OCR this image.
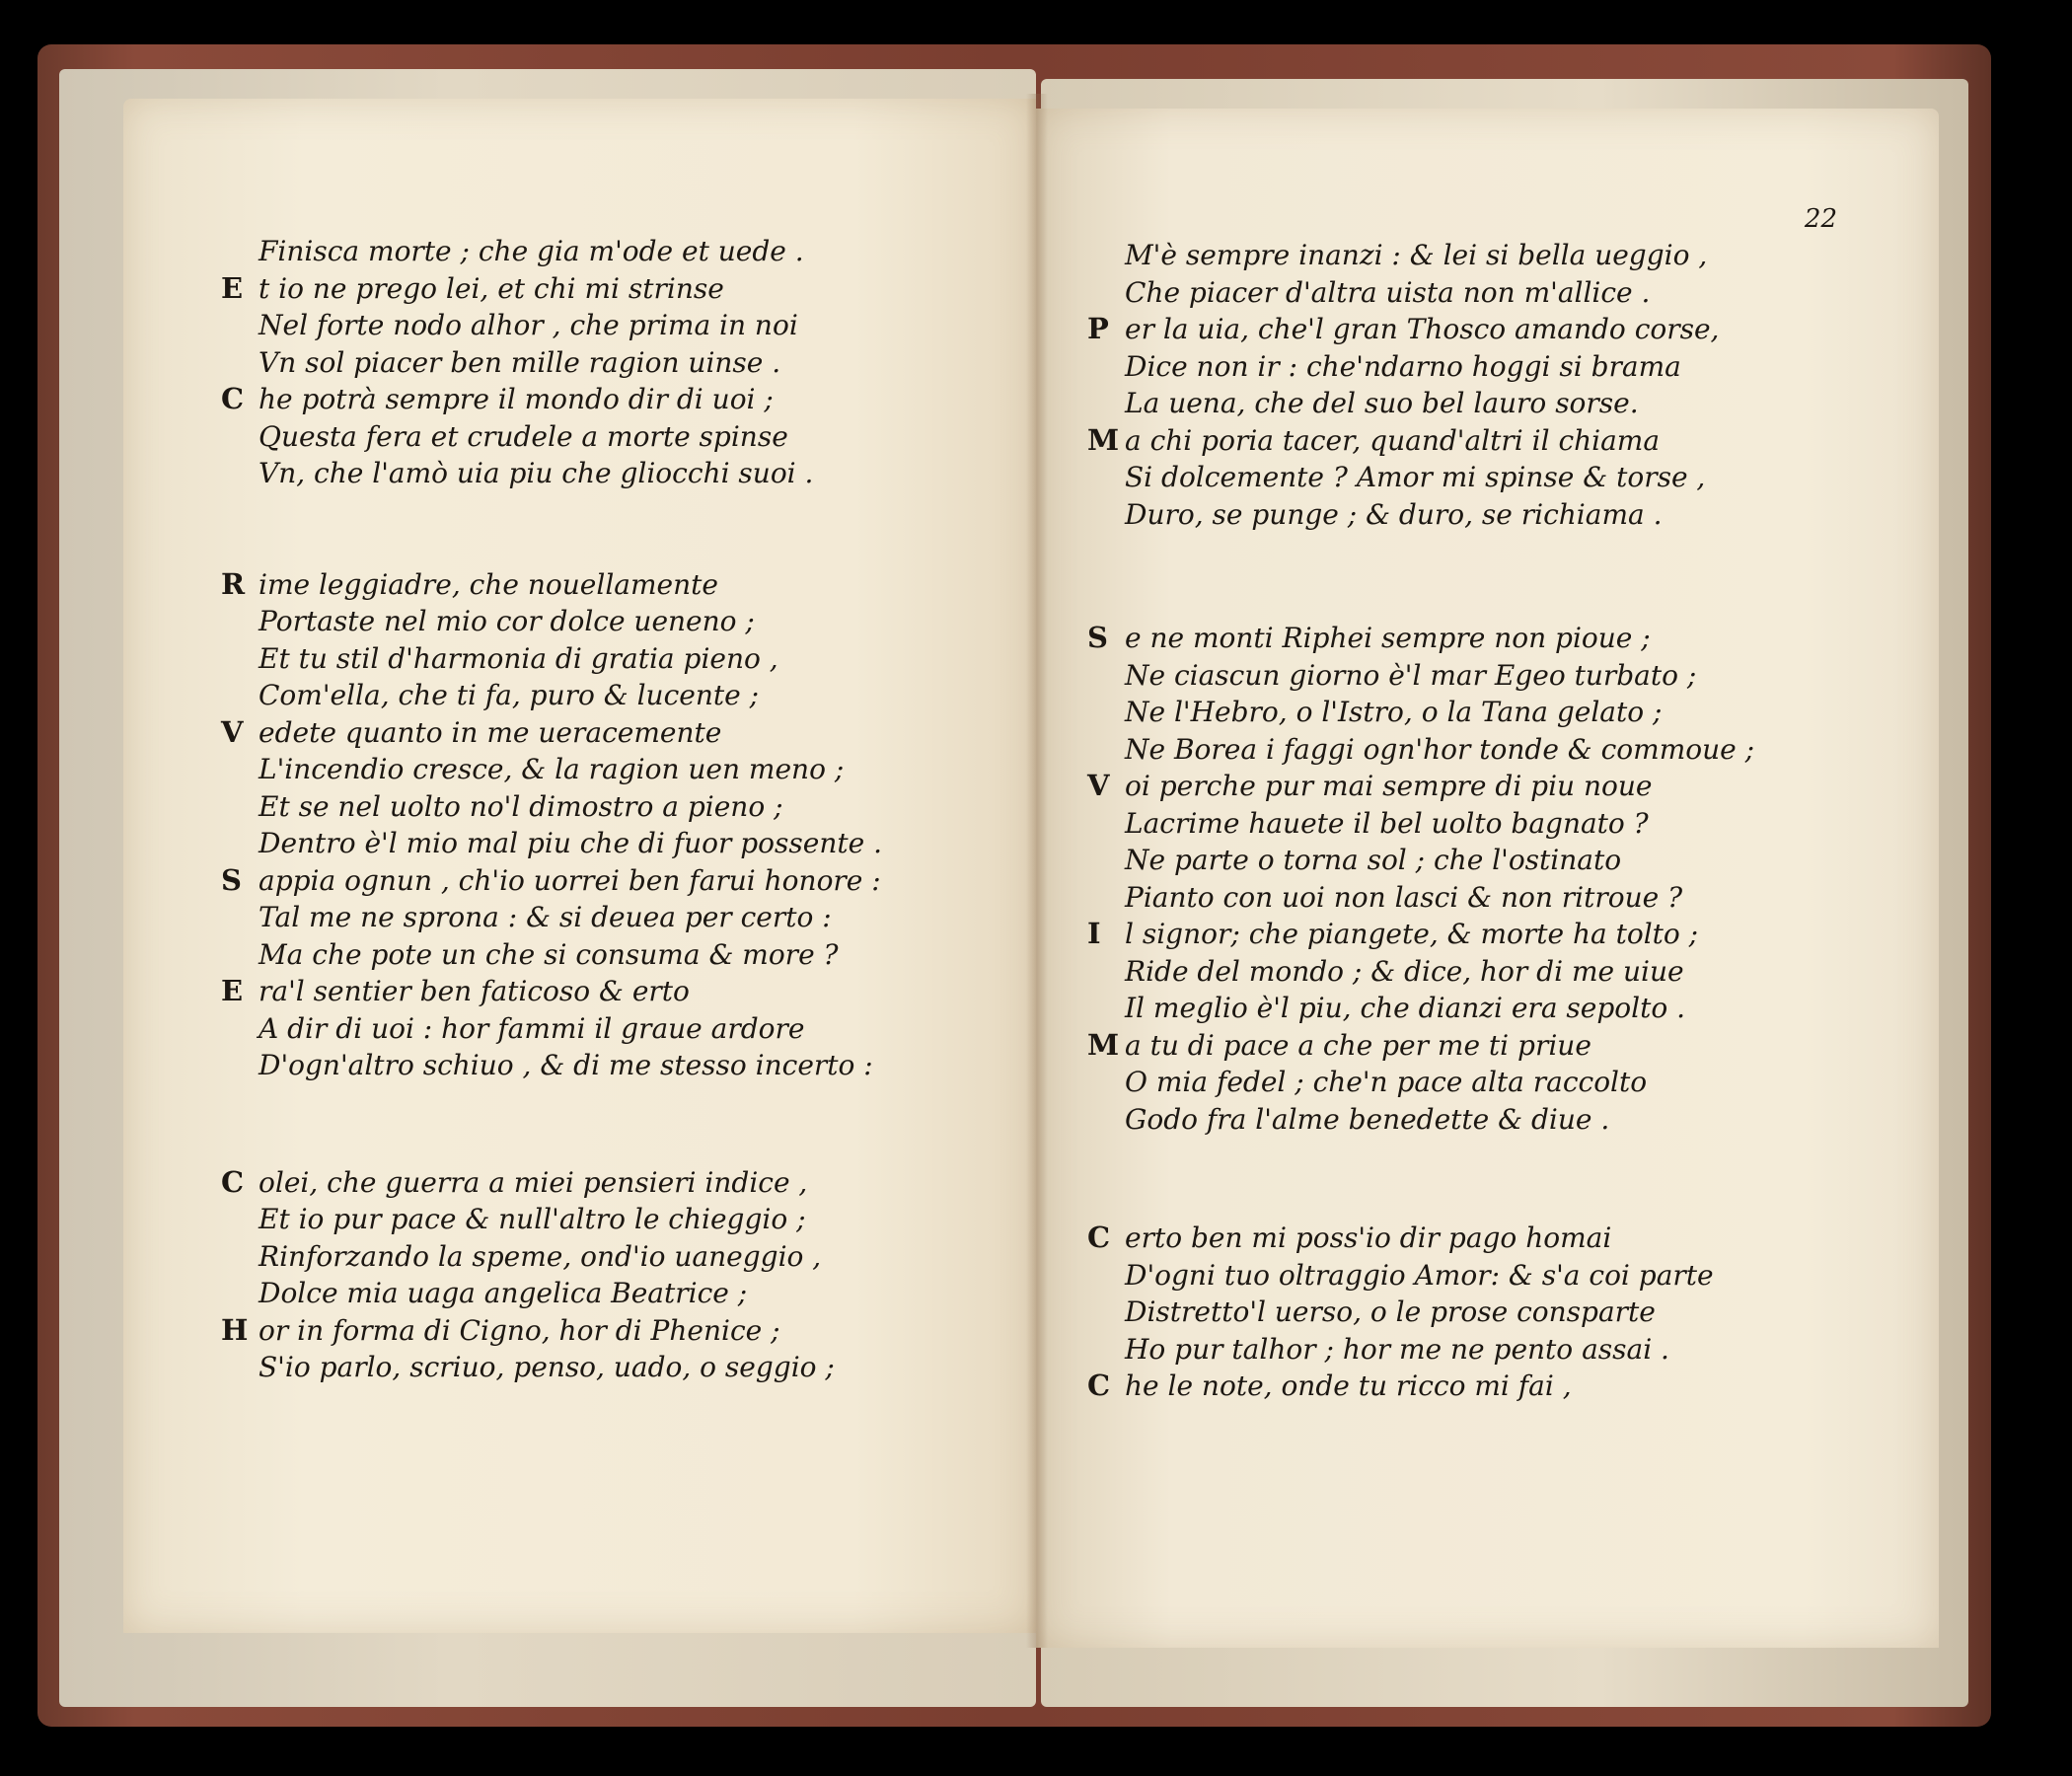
22
Finisca morte ; che gia m'ode et uede .
E t io ne prego lei, et chi mi strinse
Nel forte nodo alhor , che prima in noi
Vn sol piacer ben mille ragion uinse .
C he potrà sempre il mondo dir di uoi ;
Questa fera et crudele a morte spinse
Vn, che l'amò uia piu che gliocchi suoi .
R ime leggiadre, che nouellamente
Portaste nel mio cor dolce ueneno ;
Et tu stil d'harmonia di gratia pieno ,
Com'ella, che ti fa, puro & lucente ;
V edete quanto in me ueracemente
L'incendio cresce, & la ragion uen meno ;
Et se nel uolto no'l dimostro a pieno ;
Dentro è'l mio mal piu che di fuor possente .
S appia ognun , ch'io uorrei ben farui honore :
Tal me ne sprona : & si deuea per certo :
Ma che pote un che si consuma & more ?
E ra'l sentier ben faticoso & erto
A dir di uoi : hor fammi il graue ardore
D'ogn'altro schiuo , & di me stesso incerto :
C olei, che guerra a miei pensieri indice ,
Et io pur pace & null'altro le chieggio ;
Rinforzando la speme, ond'io uaneggio ,
Dolce mia uaga angelica Beatrice ;
H or in forma di Cigno, hor di Phenice ;
S'io parlo, scriuo, penso, uado, o seggio ;
M'è sempre inanzi : & lei si bella ueggio ,
Che piacer d'altra uista non m'allice .
P er la uia, che'l gran Thosco amando corse,
Dice non ir : che'ndarno hoggi si brama
La uena, che del suo bel lauro sorse.
M a chi poria tacer, quand'altri il chiama
Si dolcemente ? Amor mi spinse & torse ,
Duro, se punge ; & duro, se richiama .
S e ne monti Riphei sempre non pioue ;
Ne ciascun giorno è'l mar Egeo turbato ;
Ne l'Hebro, o l'Istro, o la Tana gelato ;
Ne Borea i faggi ogn'hor tonde & commoue ;
V oi perche pur mai sempre di piu noue
Lacrime hauete il bel uolto bagnato ?
Ne parte o torna sol ; che l'ostinato
Pianto con uoi non lasci & non ritroue ?
I l signor; che piangete, & morte ha tolto ;
Ride del mondo ; & dice, hor di me uiue
Il meglio è'l piu, che dianzi era sepolto .
M a tu di pace a che per me ti priue
O mia fedel ; che'n pace alta raccolto
Godo fra l'alme benedette & diue .
C erto ben mi poss'io dir pago homai
D'ogni tuo oltraggio Amor: & s'a coi parte
Distretto'l uerso, o le prose consparte
Ho pur talhor ; hor me ne pento assai .
C he le note, onde tu ricco mi fai ,
